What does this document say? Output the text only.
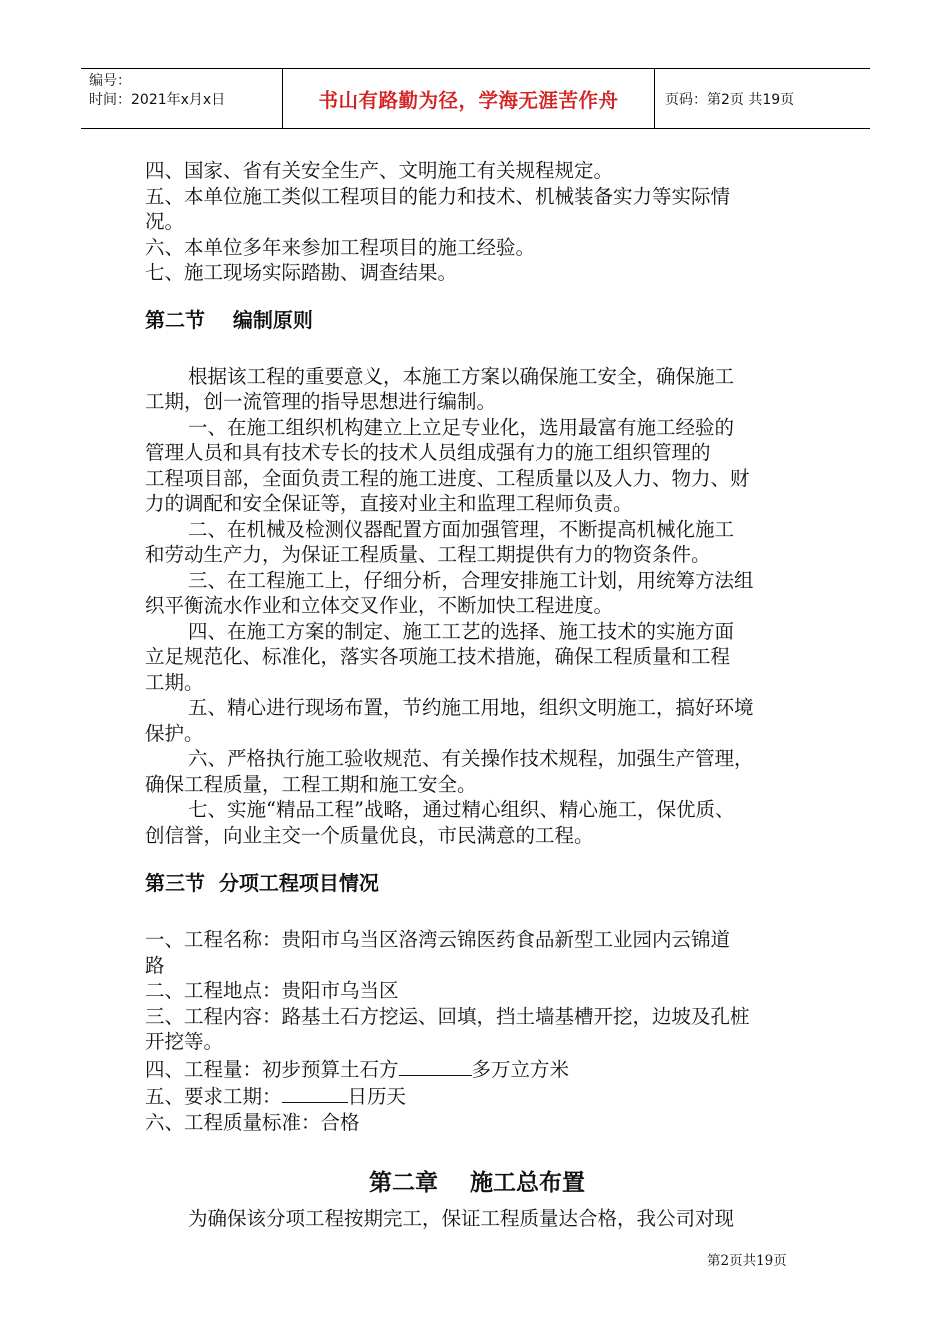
编号：
时间：2021年x月x日	书山有路勤为径，学海无涯苦作舟	页码：第2页 共19页
四、国家、省有关安全生产、文明施工有关规程规定。
五、本单位施工类似工程项目的能力和技术、机械装备实力等实际情
况。
六、本单位多年来参加工程项目的施工经验。
七、施工现场实际踏勘、调查结果。
第二节    编制原则
根据该工程的重要意义，本施工方案以确保施工安全，确保施工
工期，创一流管理的指导思想进行编制。
一、在施工组织机构建立上立足专业化，选用最富有施工经验的
管理人员和具有技术专长的技术人员组成强有力的施工组织管理的
工程项目部，全面负责工程的施工进度、工程质量以及人力、物力、财
力的调配和安全保证等，直接对业主和监理工程师负责。
二、在机械及检测仪器配置方面加强管理，不断提高机械化施工
和劳动生产力，为保证工程质量、工程工期提供有力的物资条件。
三、在工程施工上，仔细分析，合理安排施工计划，用统筹方法组
织平衡流水作业和立体交叉作业，不断加快工程进度。
四、在施工方案的制定、施工工艺的选择、施工技术的实施方面
立足规范化、标准化，落实各项施工技术措施，确保工程质量和工程
工期。
五、精心进行现场布置，节约施工用地，组织文明施工，搞好环境
保护。
六、严格执行施工验收规范、有关操作技术规程，加强生产管理，
确保工程质量，工程工期和施工安全。
七、实施“精品工程”战略，通过精心组织、精心施工，保优质、
创信誉，向业主交一个质量优良，市民满意的工程。
第三节  分项工程项目情况
一、工程名称：贵阳市乌当区洛湾云锦医药食品新型工业园内云锦道
路
二、工程地点：贵阳市乌当区
三、工程内容：路基土石方挖运、回填，挡土墙基槽开挖，边坡及孔桩
开挖等。
四、工程量：初步预算土石方	多万立方米
五、要求工期：	日历天
六、工程质量标准：合格
第二章    施工总布置
为确保该分项工程按期完工，保证工程质量达合格，我公司对现
第2页共19页
